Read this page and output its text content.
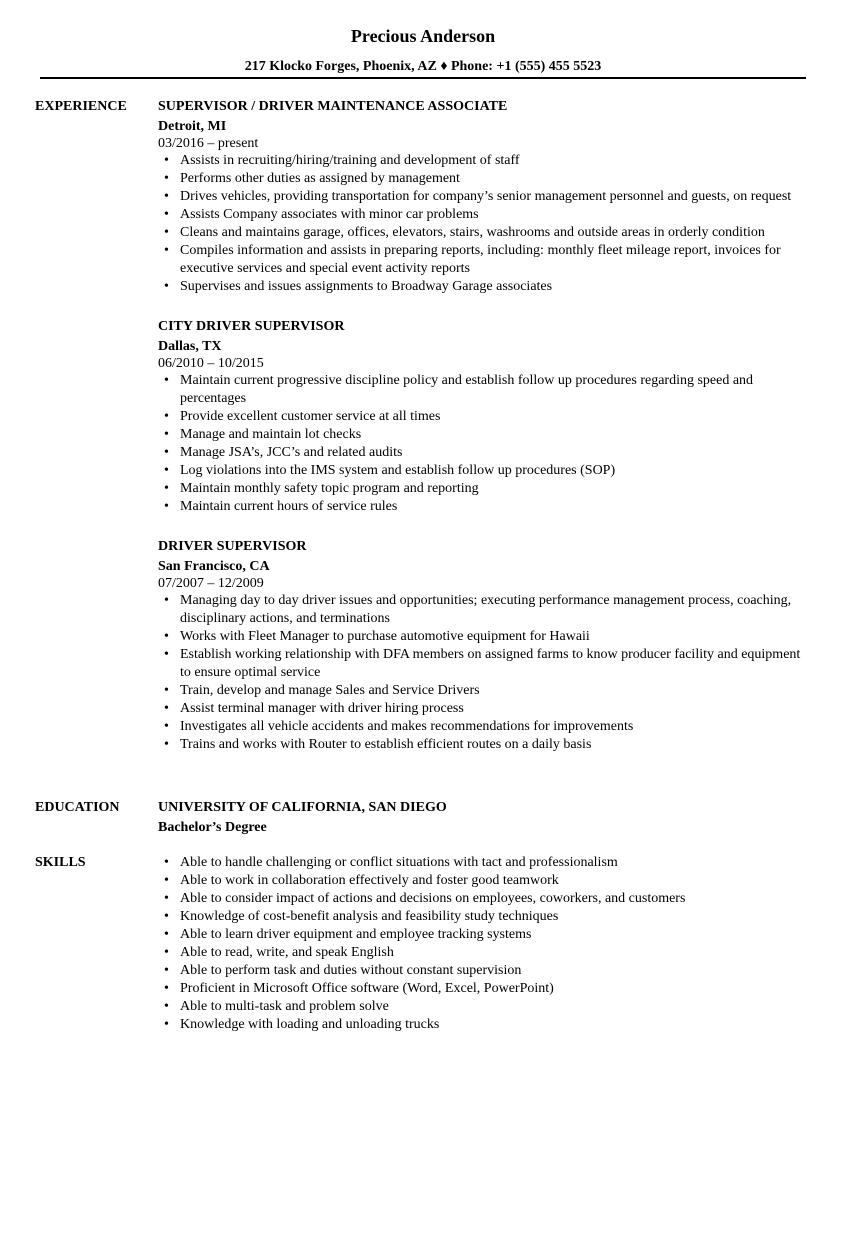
Precious Anderson
217 Klocko Forges, Phoenix, AZ ♦ Phone: +1 (555) 455 5523
EXPERIENCE SUPERVISOR / DRIVER MAINTENANCE ASSOCIATE
Detroit, MI
03/2016 – present
• Assists in recruiting/hiring/training and development of staff
• Performs other duties as assigned by management
• Drives vehicles, providing transportation for company’s senior management personnel and guests, on request
• Assists Company associates with minor car problems
• Cleans and maintains garage, offices, elevators, stairs, washrooms and outside areas in orderly condition
• Compiles information and assists in preparing reports, including: monthly fleet mileage report, invoices for executive services and special event activity reports
• Supervises and issues assignments to Broadway Garage associates
CITY DRIVER SUPERVISOR
Dallas, TX
06/2010 – 10/2015
• Maintain current progressive discipline policy and establish follow up procedures regarding speed and percentages
• Provide excellent customer service at all times
• Manage and maintain lot checks
• Manage JSA’s, JCC’s and related audits
• Log violations into the IMS system and establish follow up procedures (SOP)
• Maintain monthly safety topic program and reporting
• Maintain current hours of service rules
DRIVER SUPERVISOR
San Francisco, CA
07/2007 – 12/2009
• Managing day to day driver issues and opportunities; executing performance management process, coaching, disciplinary actions, and terminations
• Works with Fleet Manager to purchase automotive equipment for Hawaii
• Establish working relationship with DFA members on assigned farms to know producer facility and equipment to ensure optimal service
• Train, develop and manage Sales and Service Drivers
• Assist terminal manager with driver hiring process
• Investigates all vehicle accidents and makes recommendations for improvements
• Trains and works with Router to establish efficient routes on a daily basis
EDUCATION	UNIVERSITY OF CALIFORNIA, SAN DIEGO
Bachelor’s Degree
SKILLS
•	Able to handle challenging or conflict situations with tact and professionalism
• Able to work in collaboration effectively and foster good teamwork
• Able to consider impact of actions and decisions on employees, coworkers, and customers
• Knowledge of cost-benefit analysis and feasibility study techniques
• Able to learn driver equipment and employee tracking systems
• Able to read, write, and speak English
• Able to perform task and duties without constant supervision
• Proficient in Microsoft Office software (Word, Excel, PowerPoint)
• Able to multi-task and problem solve
• Knowledge with loading and unloading trucks
